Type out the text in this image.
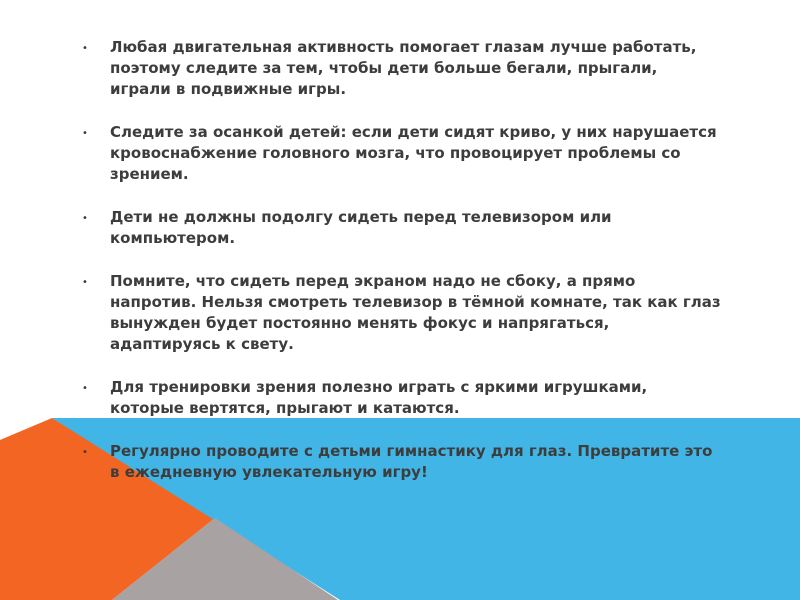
• Любая двигательная активность помогает глазам лучше работать, поэтому следите за тем, чтобы дети больше бегали, прыгали, играли в подвижные игры.
• Следите за осанкой детей: если дети сидят криво, у них нарушается кровоснабжение головного мозга, что провоцирует проблемы со зрением.
• Дети не должны подолгу сидеть перед телевизором или компьютером.
• Помните, что сидеть перед экраном надо не сбоку, а прямо напротив. Нельзя смотреть телевизор в тёмной комнате, так как глаз вынужден будет постоянно менять фокус и напрягаться, адаптируясь к свету.
• Для тренировки зрения полезно играть с яркими игрушками, которые вертятся, прыгают и катаются.
• Регулярно проводите с детьми гимнастику для глаз. Превратите это в ежедневную увлекательную игру!
